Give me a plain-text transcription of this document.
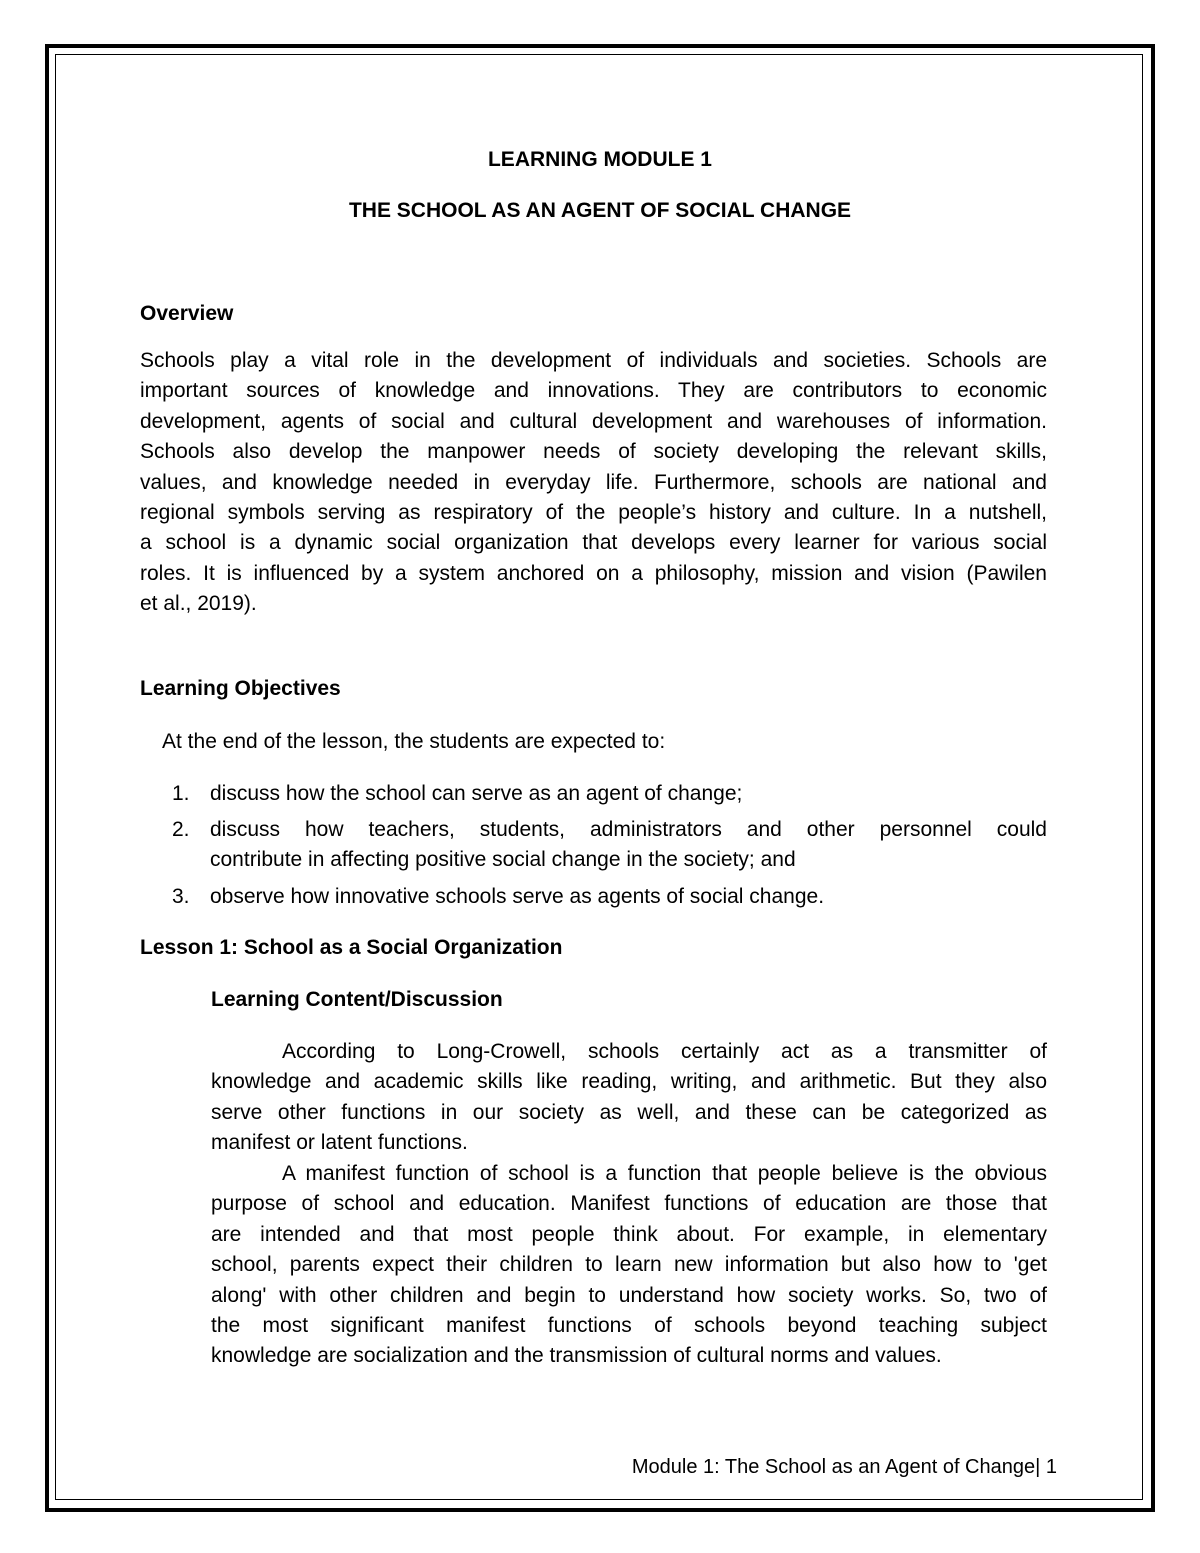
LEARNING MODULE 1
THE SCHOOL AS AN AGENT OF SOCIAL CHANGE
Overview
Schools play a vital role in the development of individuals and societies. Schools are
important sources of knowledge and innovations. They are contributors to economic
development, agents of social and cultural development and warehouses of information.
Schools also develop the manpower needs of society developing the relevant skills,
values, and knowledge needed in everyday life. Furthermore, schools are national and
regional symbols serving as respiratory of the people’s history and culture. In a nutshell,
a school is a dynamic social organization that develops every learner for various social
roles. It is influenced by a system anchored on a philosophy, mission and vision (Pawilen
et al., 2019).
Learning Objectives
At the end of the lesson, the students are expected to:
1. discuss how the school can serve as an agent of change;
2. discuss how teachers, students, administrators and other personnel could
contribute in affecting positive social change in the society; and
3. observe how innovative schools serve as agents of social change.
Lesson 1: School as a Social Organization
Learning Content/Discussion
According to Long-Crowell, schools certainly act as a transmitter of
knowledge and academic skills like reading, writing, and arithmetic. But they also
serve other functions in our society as well, and these can be categorized as
manifest or latent functions.
A manifest function of school is a function that people believe is the obvious
purpose of school and education. Manifest functions of education are those that
are intended and that most people think about. For example, in elementary
school, parents expect their children to learn new information but also how to 'get
along' with other children and begin to understand how society works. So, two of
the most significant manifest functions of schools beyond teaching subject
knowledge are socialization and the transmission of cultural norms and values.
Module 1: The School as an Agent of Change| 1
